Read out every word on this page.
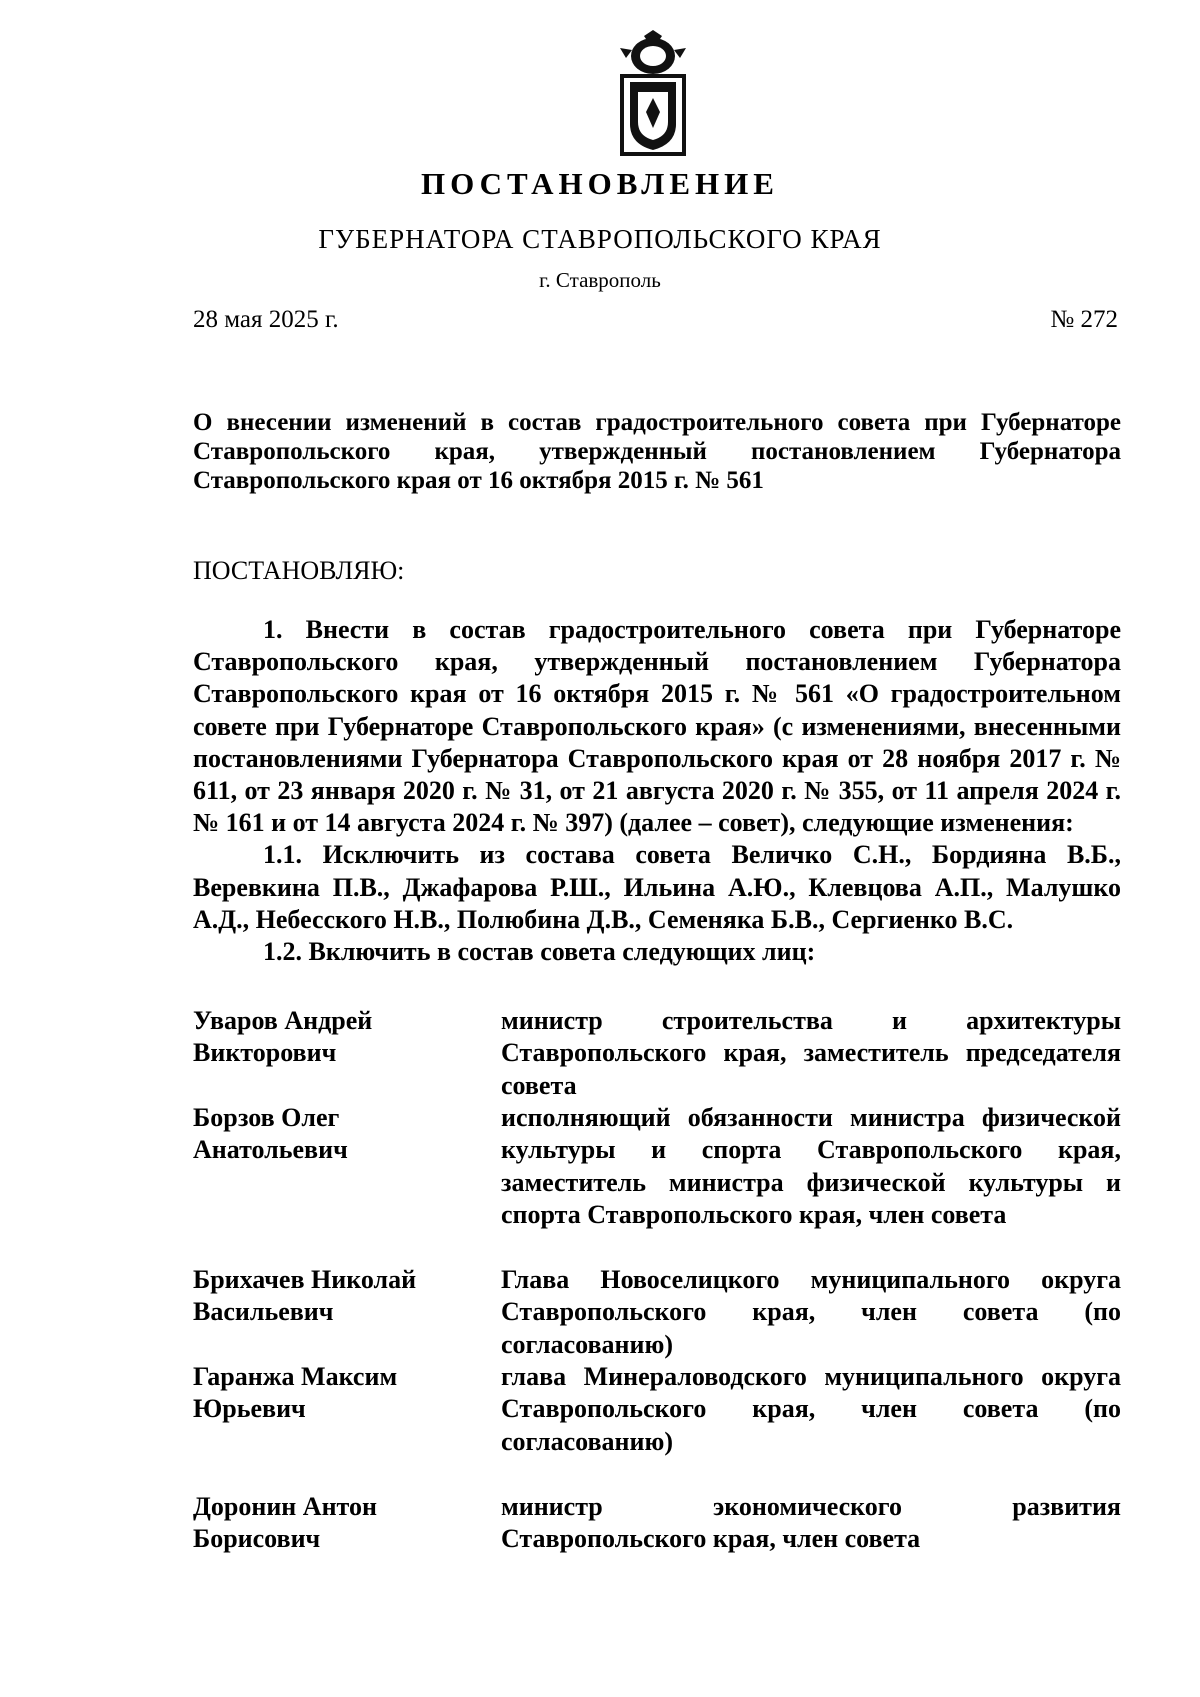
ПОСТАНОВЛЕНИЕ
ГУБЕРНАТОРА СТАВРОПОЛЬСКОГО КРАЯ
г. Ставрополь
28 мая 2025 г.	№ 272
О внесении изменений в состав градостроительного совета при Губернаторе Ставропольского края, утвержденный постановлением Губернатора Ставропольского края от 16 октября 2015 г. № 561
ПОСТАНОВЛЯЮ:

1. Внести в состав градостроительного совета при Губернаторе Ставропольского края, утвержденный постановлением Губернатора Ставропольского края от 16 октября 2015 г. № 561 «О градостроительном совете при Губернаторе Ставропольского края» (с изменениями, внесенными постановлениями Губернатора Ставропольского края от 28 ноября 2017 г. № 611, от 23 января 2020 г. № 31, от 21 августа 2020 г. № 355, от 11 апреля 2024 г. № 161 и от 14 августа 2024 г. № 397) (далее – совет), следующие изменения:

1.1. Исключить из состава совета Величко С.Н., Бордияна В.Б., Веревкина П.В., Джафарова Р.Ш., Ильина А.Ю., Клевцова А.П., Малушко А.Д., Небесского Н.В., Полюбина Д.В., Семеняка Б.В., Сергиенко В.С.

1.2. Включить в состав совета следующих лиц:

Уваров Андрей
Викторович
министр строительства и архитектуры Ставропольского края, заместитель председателя совета
Борзов Олег
Анатольевич
исполняющий обязанности министра физической культуры и спорта Ставропольского края, заместитель министра физической культуры и спорта Ставропольского края, член совета
Брихачев Николай
Васильевич
Глава Новоселицкого муниципального округа Ставропольского края, член совета (по согласованию)
Гаранжа Максим
Юрьевич
глава Минераловодского муниципального округа Ставропольского края, член совета (по согласованию)
Доронин Антон
Борисович
министр экономического развития Ставропольского края, член совета
